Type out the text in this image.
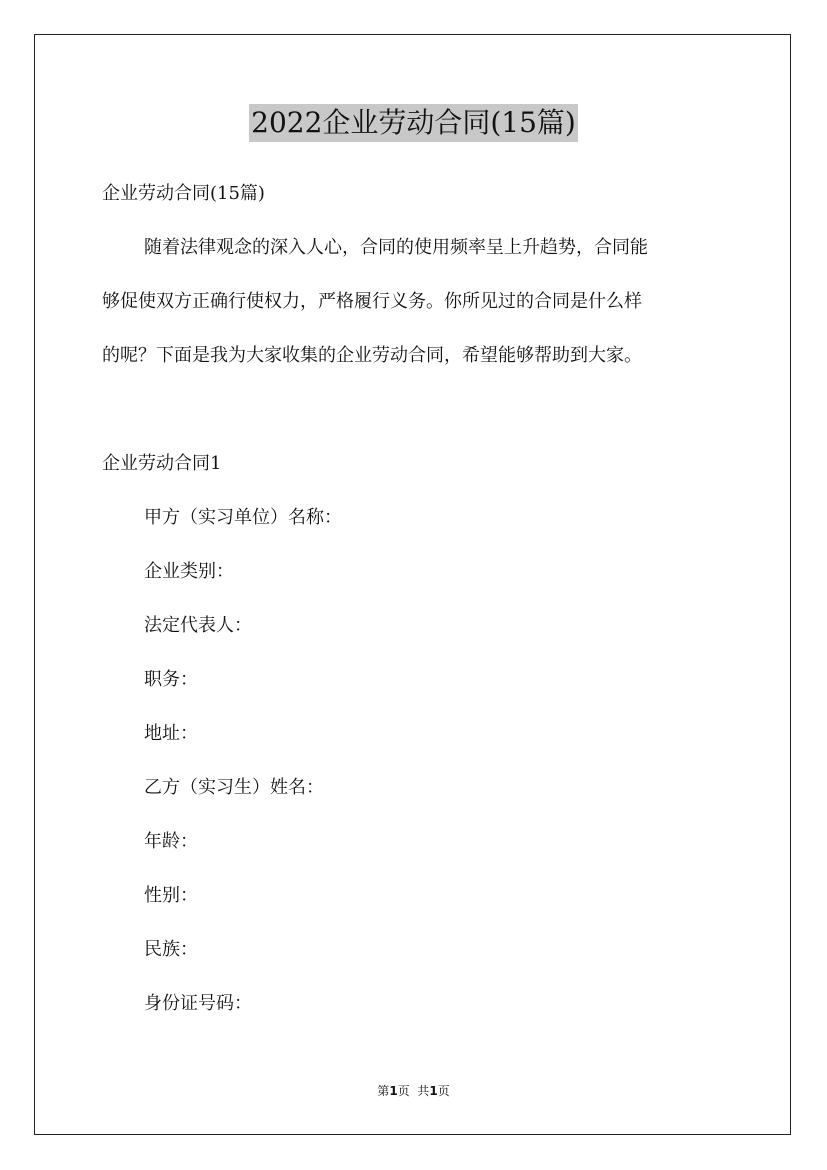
2022企业劳动合同(15篇)
企业劳动合同(15篇)
随着法律观念的深入人心，合同的使用频率呈上升趋势，合同能
够促使双方正确行使权力，严格履行义务。你所见过的合同是什么样
的呢？下面是我为大家收集的企业劳动合同，希望能够帮助到大家。
企业劳动合同1
甲方（实习单位）名称：
企业类别：
法定代表人：
职务：
地址：
乙方（实习生）姓名：
年龄：
性别：
民族：
身份证号码：
第1页  共1页
